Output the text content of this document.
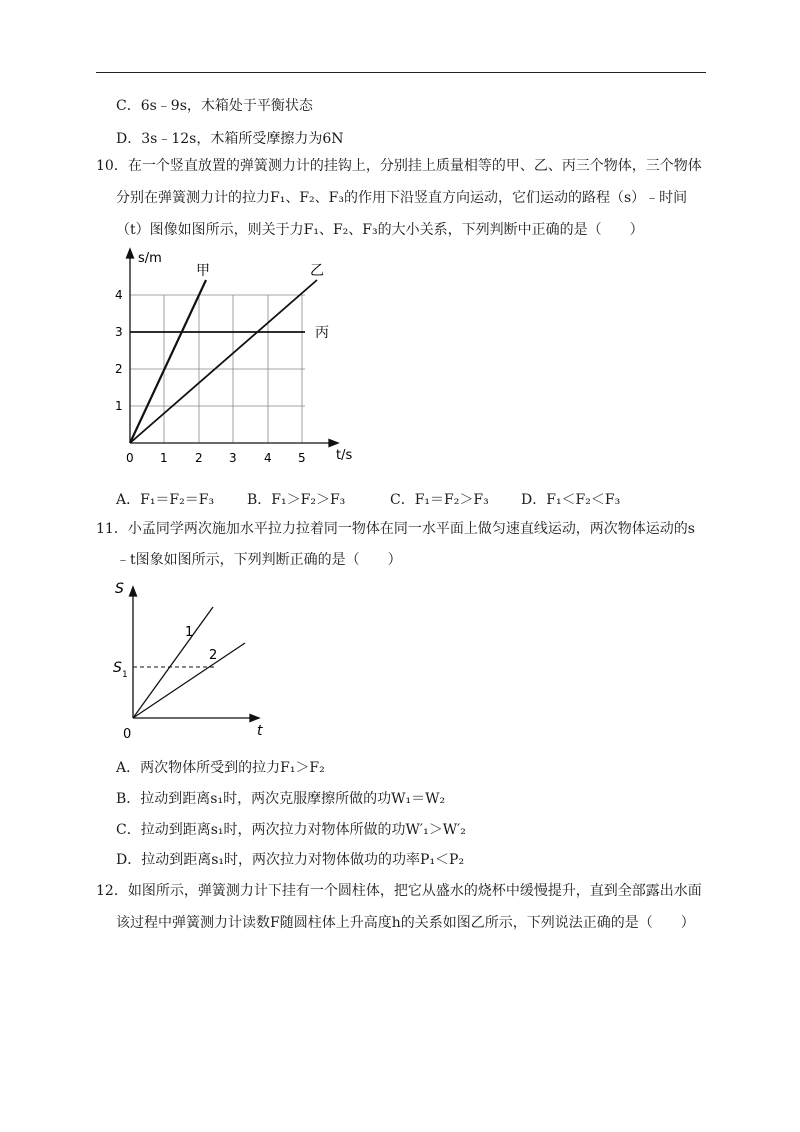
C．6s﹣9s，木箱处于平衡状态
D．3s﹣12s，木箱所受摩擦力为6N
10．在一个竖直放置的弹簧测力计的挂钩上，分别挂上质量相等的甲、乙、丙三个物体，三个物体
分别在弹簧测力计的拉力F₁、F₂、F₃的作用下沿竖直方向运动，它们运动的路程（s）﹣时间
（t）图像如图所示，则关于力F₁、F₂、F₃的大小关系，下列判断中正确的是（　　）
s/m
t/s
0 1 2 3 4 5
1
2
3
4
甲	乙
丙
A．F₁＝F₂＝F₃ B．F₁＞F₂＞F₃	C．F₁＝F₂＞F₃ D．F₁＜F₂＜F₃
11．小孟同学两次施加水平拉力拉着同一物体在同一水平面上做匀速直线运动，两次物体运动的s
﹣t图象如图所示，下列判断正确的是（　　）
S
t
0
S 1
1
2
A．两次物体所受到的拉力F₁＞F₂
B．拉动到距离s₁时，两次克服摩擦所做的功W₁＝W₂
C．拉动到距离s₁时，两次拉力对物体所做的功W′₁＞W′₂
D．拉动到距离s₁时，两次拉力对物体做功的功率P₁＜P₂
12．如图所示，弹簧测力计下挂有一个圆柱体，把它从盛水的烧杯中缓慢提升，直到全部露出水面
该过程中弹簧测力计读数F随圆柱体上升高度h的关系如图乙所示，下列说法正确的是（　　）
